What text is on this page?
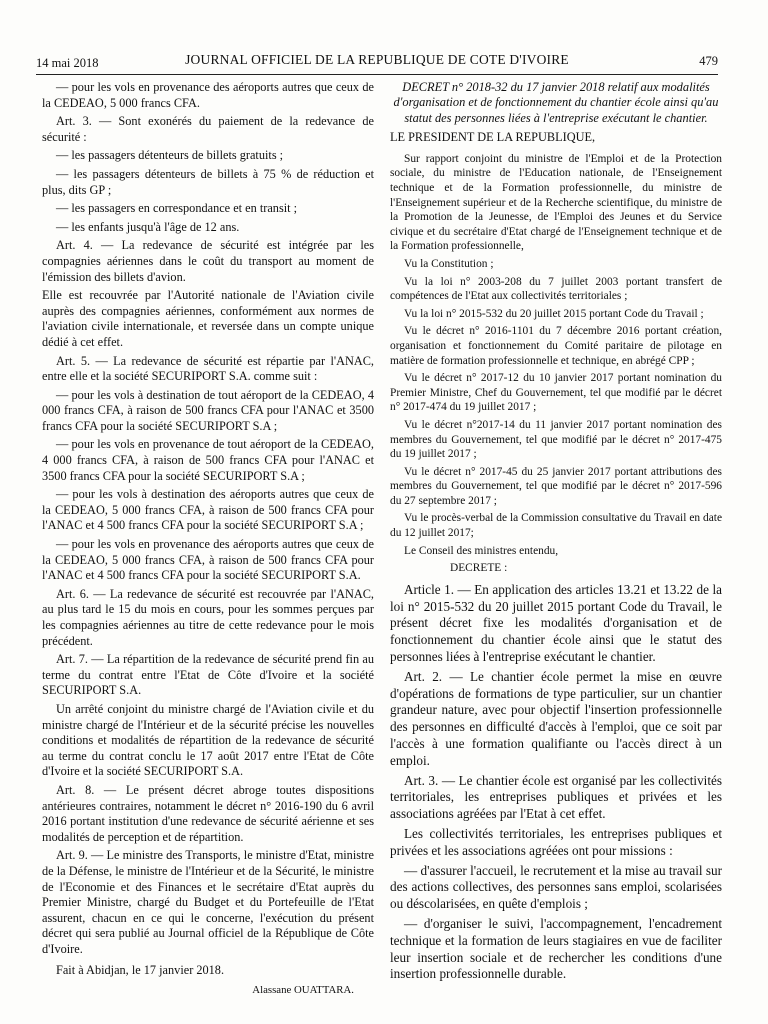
14 mai 2018	JOURNAL OFFICIEL DE LA REPUBLIQUE DE COTE D'IVOIRE	479

— pour les vols en provenance des aéroports autres que ceux de la CEDEAO, 5 000 francs CFA.

Art. 3. — Sont exonérés du paiement de la redevance de sécurité :

— les passagers détenteurs de billets gratuits ;

— les passagers détenteurs de billets à 75 % de réduction et plus, dits GP ;

— les passagers en correspondance et en transit ;

— les enfants jusqu'à l'âge de 12 ans.

Art. 4. — La redevance de sécurité est intégrée par les compagnies aériennes dans le coût du transport au moment de l'émission des billets d'avion.

Elle est recouvrée par l'Autorité nationale de l'Aviation civile auprès des compagnies aériennes, conformément aux normes de l'aviation civile internationale, et reversée dans un compte unique dédié à cet effet.

Art. 5. — La redevance de sécurité est répartie par l'ANAC, entre elle et la société SECURIPORT S.A. comme suit :

— pour les vols à destination de tout aéroport de la CEDEAO, 4 000 francs CFA, à raison de 500 francs CFA pour l'ANAC et 3500 francs CFA pour la société SECURIPORT S.A ;

— pour les vols en provenance de tout aéroport de la CEDEAO, 4 000 francs CFA, à raison de 500 francs CFA pour l'ANAC et 3500 francs CFA pour la société SECURIPORT S.A ;

— pour les vols à destination des aéroports autres que ceux de la CEDEAO, 5 000 francs CFA, à raison de 500 francs CFA pour l'ANAC et 4 500 francs CFA pour la société SECURIPORT S.A ;

— pour les vols en provenance des aéroports autres que ceux de la CEDEAO, 5 000 francs CFA, à raison de 500 francs CFA pour l'ANAC et 4 500 francs CFA pour la société SECURIPORT S.A.

Art. 6. — La redevance de sécurité est recouvrée par l'ANAC, au plus tard le 15 du mois en cours, pour les sommes perçues par les compagnies aériennes au titre de cette redevance pour le mois précédent.

Art. 7. — La répartition de la redevance de sécurité prend fin au terme du contrat entre l'Etat de Côte d'Ivoire et la société SECURIPORT S.A.

Un arrêté conjoint du ministre chargé de l'Aviation civile et du ministre chargé de l'Intérieur et de la sécurité précise les nouvelles conditions et modalités de répartition de la redevance de sécurité au terme du contrat conclu le 17 août 2017 entre l'Etat de Côte d'Ivoire et la société SECURIPORT S.A.

Art. 8. — Le présent décret abroge toutes dispositions antérieures contraires, notamment le décret n° 2016-190 du 6 avril 2016 portant institution d'une redevance de sécurité aérienne et ses modalités de perception et de répartition.

Art. 9. — Le ministre des Transports, le ministre d'Etat, ministre de la Défense, le ministre de l'Intérieur et de la Sécurité, le ministre de l'Economie et des Finances et le secrétaire d'Etat auprès du Premier Ministre, chargé du Budget et du Portefeuille de l'Etat assurent, chacun en ce qui le concerne, l'exécution du présent décret qui sera publié au Journal officiel de la République de Côte d'Ivoire.

Fait à Abidjan, le 17 janvier 2018.

Alassane OUATTARA.

DECRET n° 2018-32 du 17 janvier 2018 relatif aux modalités d'organisation et de fonctionnement du chantier école ainsi qu'au statut des personnes liées à l'entreprise exécutant le chantier.

LE PRESIDENT DE LA REPUBLIQUE,

Sur rapport conjoint du ministre de l'Emploi et de la Protection sociale, du ministre de l'Education nationale, de l'Enseignement technique et de la Formation professionnelle, du ministre de l'Enseignement supérieur et de la Recherche scientifique, du ministre de la Promotion de la Jeunesse, de l'Emploi des Jeunes et du Service civique et du secrétaire d'Etat chargé de l'Enseignement technique et de la Formation professionnelle,

Vu la Constitution ;

Vu la loi n° 2003-208 du 7 juillet 2003 portant transfert de compétences de l'Etat aux collectivités territoriales ;

Vu la loi n° 2015-532 du 20 juillet 2015 portant Code du Travail ;

Vu le décret n° 2016-1101 du 7 décembre 2016 portant création, organisation et fonctionnement du Comité paritaire de pilotage en matière de formation professionnelle et technique, en abrégé CPP ;

Vu le décret n° 2017-12 du 10 janvier 2017 portant nomination du Premier Ministre, Chef du Gouvernement, tel que modifié par le décret n° 2017-474 du 19 juillet 2017 ;

Vu le décret n°2017-14 du 11 janvier 2017 portant nomination des membres du Gouvernement, tel que modifié par le décret n° 2017-475 du 19 juillet 2017 ;

Vu le décret n° 2017-45 du 25 janvier 2017 portant attributions des membres du Gouvernement, tel que modifié par le décret n° 2017-596 du 27 septembre 2017 ;

Vu le procès-verbal de la Commission consultative du Travail en date du 12 juillet 2017;

Le Conseil des ministres entendu,

DECRETE :

Article 1. — En application des articles 13.21 et 13.22 de la loi n° 2015-532 du 20 juillet 2015 portant Code du Travail, le présent décret fixe les modalités d'organisation et de fonctionnement du chantier école ainsi que le statut des personnes liées à l'entreprise exécutant le chantier.

Art. 2. — Le chantier école permet la mise en œuvre d'opérations de formations de type particulier, sur un chantier grandeur nature, avec pour objectif l'insertion professionnelle des personnes en difficulté d'accès à l'emploi, que ce soit par l'accès à une formation qualifiante ou l'accès direct à un emploi.

Art. 3. — Le chantier école est organisé par les collectivités territoriales, les entreprises publiques et privées et les associations agréées par l'Etat à cet effet.

Les collectivités territoriales, les entreprises publiques et privées et les associations agréées ont pour missions :

— d'assurer l'accueil, le recrutement et la mise au travail sur des actions collectives, des personnes sans emploi, scolarisées ou déscolarisées, en quête d'emplois ;

— d'organiser le suivi, l'accompagnement, l'encadrement technique et la formation de leurs stagiaires en vue de faciliter leur insertion sociale et de rechercher les conditions d'une insertion professionnelle durable.
